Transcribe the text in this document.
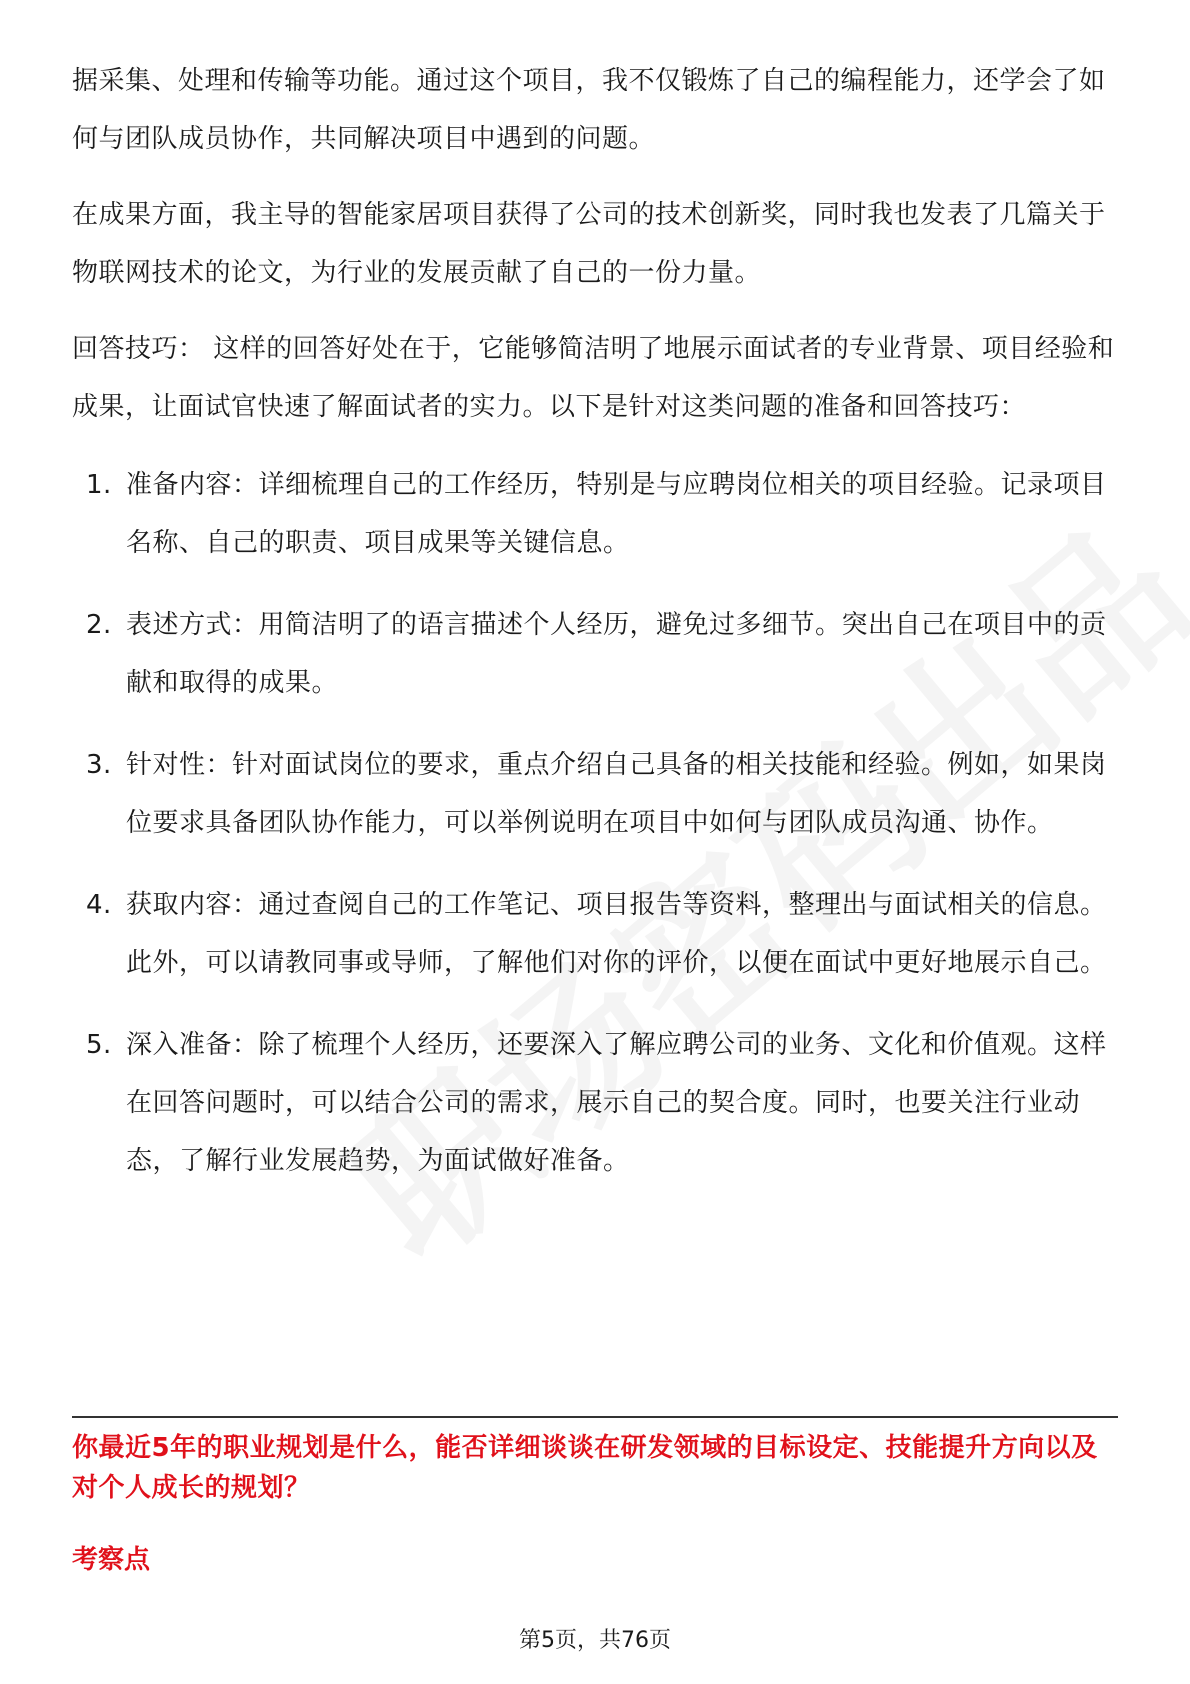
据采集、处理和传输等功能。通过这个项目，我不仅锻炼了自己的编程能力，还学会了如何与团队成员协作，共同解决项目中遇到的问题。

在成果方面，我主导的智能家居项目获得了公司的技术创新奖，同时我也发表了几篇关于物联网技术的论文，为行业的发展贡献了自己的一份力量。

回答技巧： 这样的回答好处在于，它能够简洁明了地展示面试者的专业背景、项目经验和成果，让面试官快速了解面试者的实力。以下是针对这类问题的准备和回答技巧：

1. 准备内容：详细梳理自己的工作经历，特别是与应聘岗位相关的项目经验。记录项目名称、自己的职责、项目成果等关键信息。
2. 表述方式：用简洁明了的语言描述个人经历，避免过多细节。突出自己在项目中的贡献和取得的成果。
3. 针对性：针对面试岗位的要求，重点介绍自己具备的相关技能和经验。例如，如果岗位要求具备团队协作能力，可以举例说明在项目中如何与团队成员沟通、协作。
4. 获取内容：通过查阅自己的工作笔记、项目报告等资料，整理出与面试相关的信息。此外，可以请教同事或导师，了解他们对你的评价，以便在面试中更好地展示自己。
5. 深入准备：除了梳理个人经历，还要深入了解应聘公司的业务、文化和价值观。这样在回答问题时，可以结合公司的需求，展示自己的契合度。同时，也要关注行业动态，了解行业发展趋势，为面试做好准备。
你最近5年的职业规划是什么，能否详细谈谈在研发领域的目标设定、技能提升方向以及对个人成长的规划？
考察点
第5页，共76页
